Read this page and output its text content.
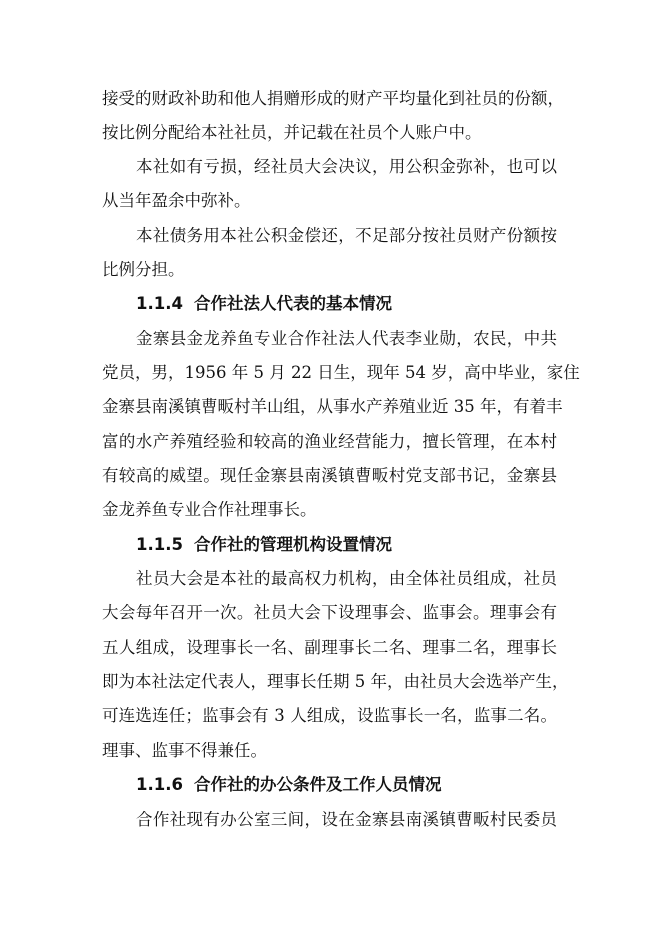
接受的财政补助和他人捐赠形成的财产平均量化到社员的份额，
按比例分配给本社社员，并记载在社员个人账户中。
本社如有亏损，经社员大会决议，用公积金弥补，也可以
从当年盈余中弥补。
本社债务用本社公积金偿还，不足部分按社员财产份额按
比例分担。
1.1.4 合作社法人代表的基本情况
金寨县金龙养鱼专业合作社法人代表李业勋，农民，中共
党员，男，1956 年 5 月 22 日生，现年 54 岁，高中毕业，家住
金寨县南溪镇曹畈村羊山组，从事水产养殖业近 35 年，有着丰
富的水产养殖经验和较高的渔业经营能力，擅长管理，在本村
有较高的威望。现任金寨县南溪镇曹畈村党支部书记，金寨县
金龙养鱼专业合作社理事长。
1.1.5 合作社的管理机构设置情况
社员大会是本社的最高权力机构，由全体社员组成，社员
大会每年召开一次。社员大会下设理事会、监事会。理事会有
五人组成，设理事长一名、副理事长二名、理事二名，理事长
即为本社法定代表人，理事长任期 5 年，由社员大会选举产生，
可连选连任；监事会有 3 人组成，设监事长一名，监事二名。
理事、监事不得兼任。
1.1.6 合作社的办公条件及工作人员情况
合作社现有办公室三间，设在金寨县南溪镇曹畈村民委员
